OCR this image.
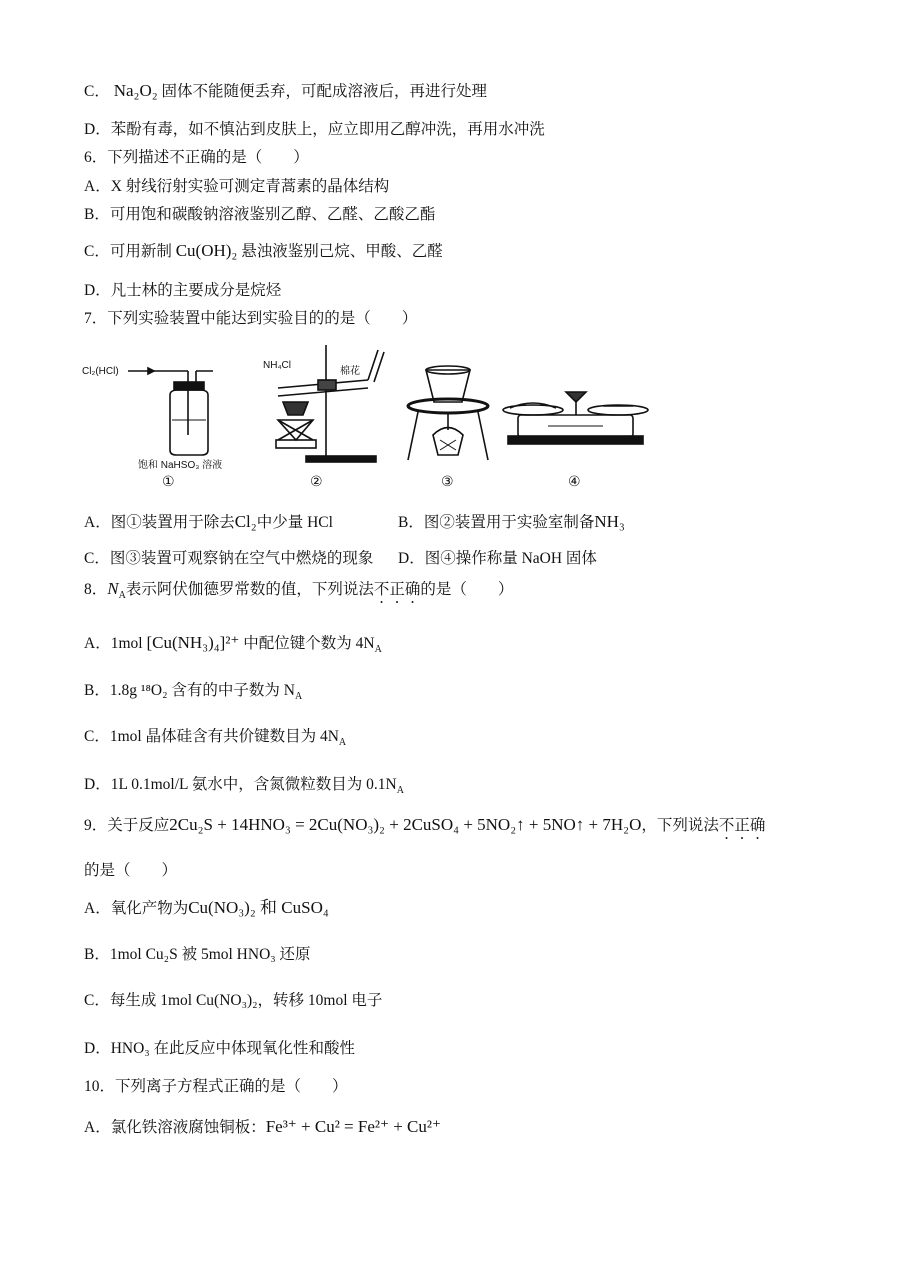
C． Na₂O₂ 固体不能随便丢弃，可配成溶液后，再进行处理
D．苯酚有毒，如不慎沾到皮肤上，应立即用乙醇冲洗，再用水冲洗
6．下列描述不正确的是（　　）
A．X 射线衍射实验可测定青蒿素的晶体结构
B．可用饱和碳酸钠溶液鉴别乙醇、乙醛、乙酸乙酯
C．可用新制 Cu(OH)₂ 悬浊液鉴别己烷、甲酸、乙醛
D．凡士林的主要成分是烷烃
7．下列实验装置中能达到实验目的的是（　　）
Cl₂(HCl)
饱和 NaHSO₃ 溶液
①
NH₄Cl
棉花
②	③	④
A．图①装置用于除去Cl₂中少量 HCl	B．图②装置用于实验室制备NH₃
C．图③装置可观察钠在空气中燃烧的现象 D．图④操作称量 NaOH 固体
8．$N_A$表示阿伏伽德罗常数的值，下列说法不正确的是（　　）
A．1mol [Cu(NH₃)₄]²⁺ 中配位键个数为 $4N_A$
B．1.8g ¹⁸O₂ 含有的中子数为 $N_A$
C．1mol 晶体硅含有共价键数目为 $4N_A$
D．1L 0.1mol/L 氨水中，含氮微粒数目为 $0.1N_A$
9．关于反应2Cu₂S + 14HNO₃ = 2Cu(NO₃)₂ + 2CuSO₄ + 5NO₂↑ + 5NO↑ + 7H₂O，下列说法不正确
的是（　　）
A．氧化产物为Cu(NO₃)₂ 和 CuSO₄
B．1mol Cu₂S 被 5mol HNO₃ 还原
C．每生成 1mol Cu(NO₃)₂，转移 10mol 电子
D．HNO₃ 在此反应中体现氧化性和酸性
10．下列离子方程式正确的是（　　）
A．氯化铁溶液腐蚀铜板：Fe³⁺ + Cu² = Fe²⁺ + Cu²⁺
